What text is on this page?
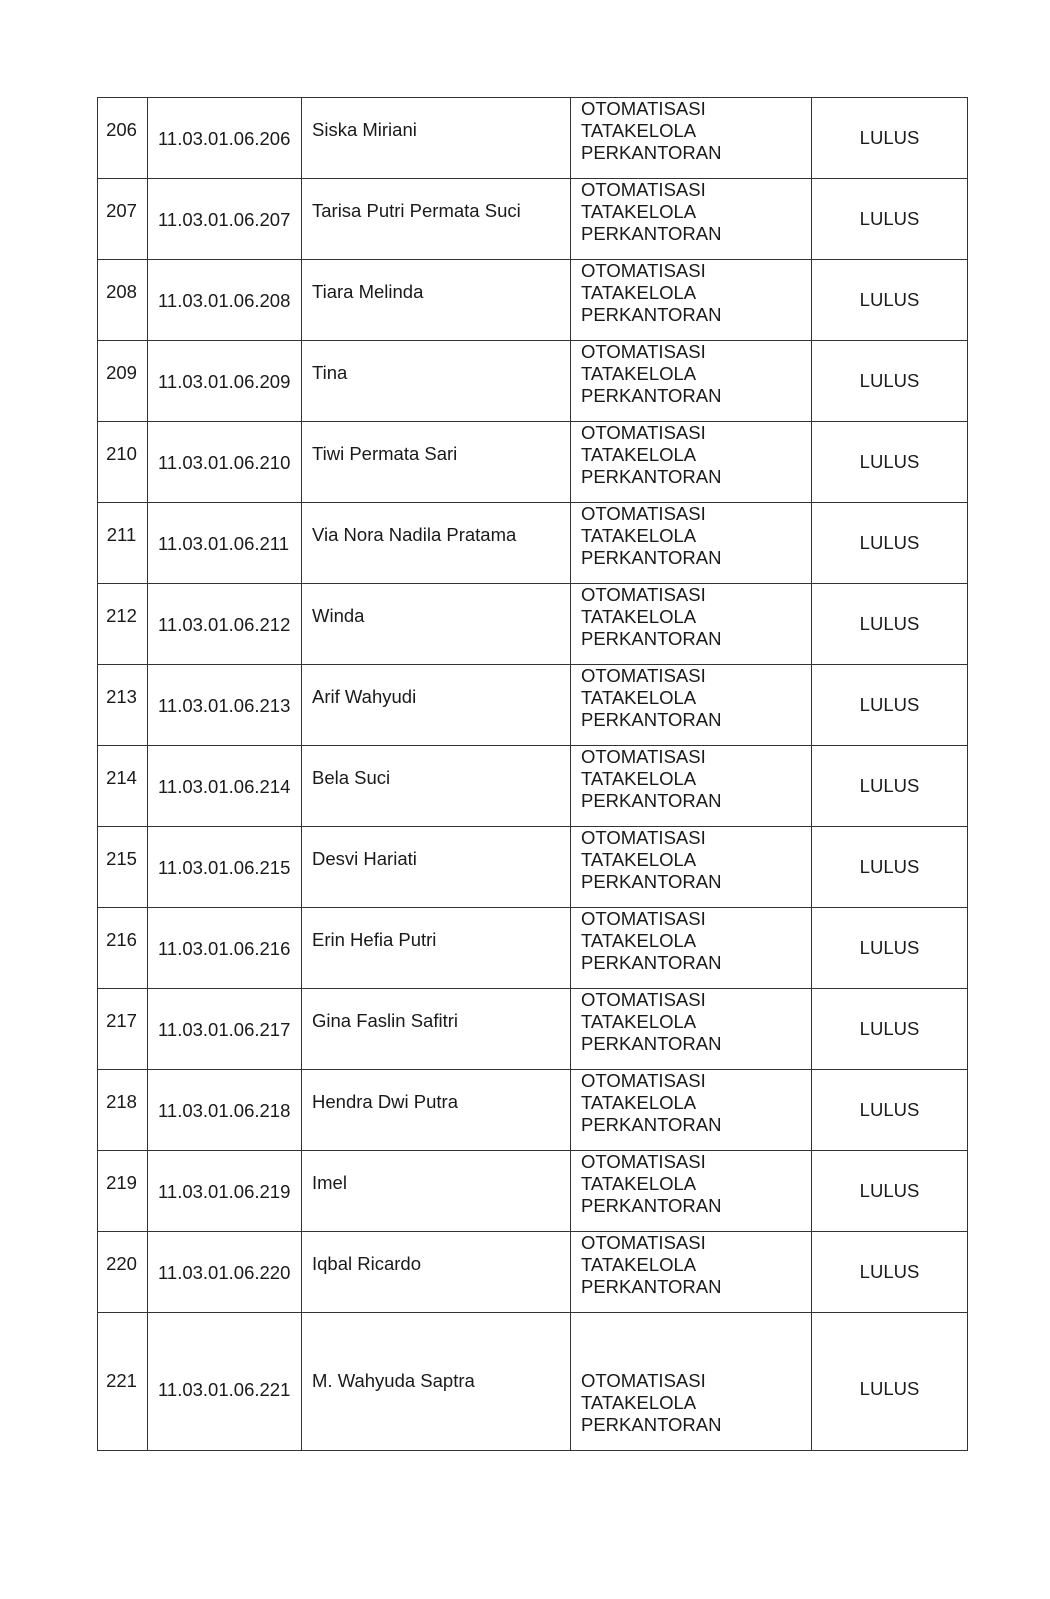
206	11.03.01.06.206	Siska Miriani	OTOMATISASI
TATAKELOLA
PERKANTORAN	LULUS

207	11.03.01.06.207	Tarisa Putri Permata Suci	OTOMATISASI
TATAKELOLA
PERKANTORAN	LULUS

208	11.03.01.06.208	Tiara Melinda	OTOMATISASI
TATAKELOLA
PERKANTORAN	LULUS

209	11.03.01.06.209	Tina	OTOMATISASI
TATAKELOLA
PERKANTORAN	LULUS

210	11.03.01.06.210	Tiwi Permata Sari	OTOMATISASI
TATAKELOLA
PERKANTORAN	LULUS

211	11.03.01.06.211	Via Nora Nadila Pratama	OTOMATISASI
TATAKELOLA
PERKANTORAN	LULUS

212	11.03.01.06.212	Winda	OTOMATISASI
TATAKELOLA
PERKANTORAN	LULUS

213	11.03.01.06.213	Arif Wahyudi	OTOMATISASI
TATAKELOLA
PERKANTORAN	LULUS

214	11.03.01.06.214	Bela Suci	OTOMATISASI
TATAKELOLA
PERKANTORAN	LULUS

215	11.03.01.06.215	Desvi Hariati	OTOMATISASI
TATAKELOLA
PERKANTORAN	LULUS

216	11.03.01.06.216	Erin Hefia Putri	OTOMATISASI
TATAKELOLA
PERKANTORAN	LULUS

217	11.03.01.06.217	Gina Faslin Safitri	OTOMATISASI
TATAKELOLA
PERKANTORAN	LULUS

218	11.03.01.06.218	Hendra Dwi Putra	OTOMATISASI
TATAKELOLA
PERKANTORAN	LULUS

219	11.03.01.06.219	Imel	OTOMATISASI
TATAKELOLA
PERKANTORAN	LULUS

220	11.03.01.06.220	Iqbal Ricardo	OTOMATISASI
TATAKELOLA
PERKANTORAN	LULUS

221	11.03.01.06.221	M. Wahyuda Saptra	OTOMATISASI
TATAKELOLA
PERKANTORAN	LULUS
